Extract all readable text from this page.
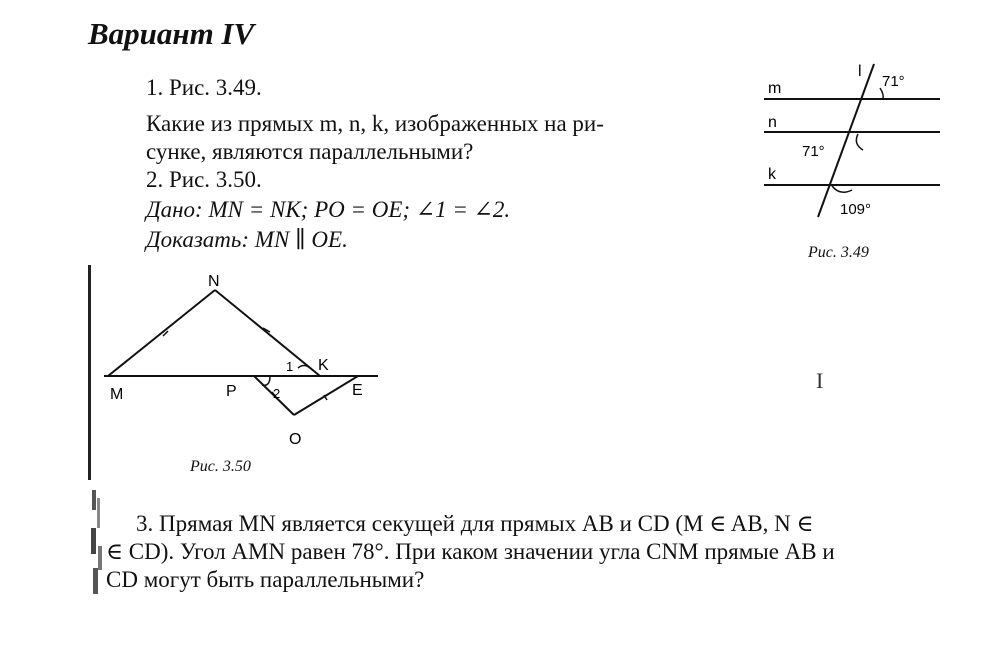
Вариант IV
1. Рис. 3.49.
Какие из прямых m, n, k, изображенных на ри-
сунке, являются параллельными?
2. Рис. 3.50.
Дано: MN = NK; PO = OE; ∠1 = ∠2.
Доказать: MN ∥ OE.
m
n
k
l
71°
71°
109°
Рис. 3.49
N
M
K
P	E
O
1
2
Рис. 3.50
3. Прямая MN является секущей для прямых AB и CD (M ∈ AB, N ∈
∈ CD). Угол AMN равен 78°. При каком значении угла CNM прямые AB и
CD могут быть параллельными?
I
